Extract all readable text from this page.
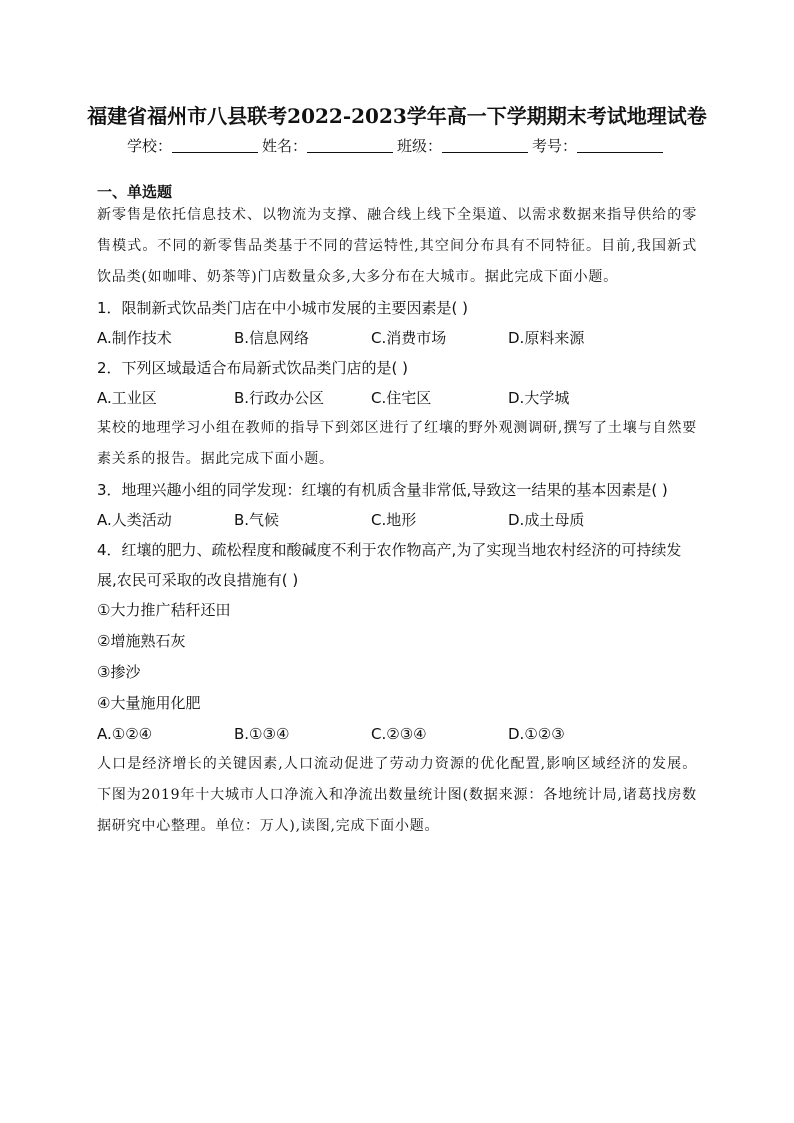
福建省福州市八县联考2022-2023学年高一下学期期末考试地理试卷
学校：	姓名：	班级：	考号：
一、单选题

新零售是依托信息技术、以物流为支撑、融合线上线下全渠道、以需求数据来指导供给的零售模式。不同的新零售品类基于不同的营运特性,其空间分布具有不同特征。目前,我国新式饮品类(如咖啡、奶茶等)门店数量众多,大多分布在大城市。据此完成下面小题。

1．限制新式饮品类门店在中小城市发展的主要因素是( )

A.制作技术	B.信息网络	C.消费市场	D.原料来源

2．下列区域最适合布局新式饮品类门店的是( )

A.工业区	B.行政办公区	C.住宅区	D.大学城

某校的地理学习小组在教师的指导下到郊区进行了红壤的野外观测调研,撰写了土壤与自然要素关系的报告。据此完成下面小题。

3．地理兴趣小组的同学发现：红壤的有机质含量非常低,导致这一结果的基本因素是( )

A.人类活动	B.气候	C.地形	D.成土母质

4．红壤的肥力、疏松程度和酸碱度不利于农作物高产,为了实现当地农村经济的可持续发展,农民可采取的改良措施有( )

①大力推广秸秆还田

②增施熟石灰

③掺沙

④大量施用化肥

A.①②④	B.①③④	C.②③④	D.①②③

人口是经济增长的关键因素,人口流动促进了劳动力资源的优化配置,影响区域经济的发展。下图为2019年十大城市人口净流入和净流出数量统计图(数据来源：各地统计局,诸葛找房数据研究中心整理。单位：万人),读图,完成下面小题。
